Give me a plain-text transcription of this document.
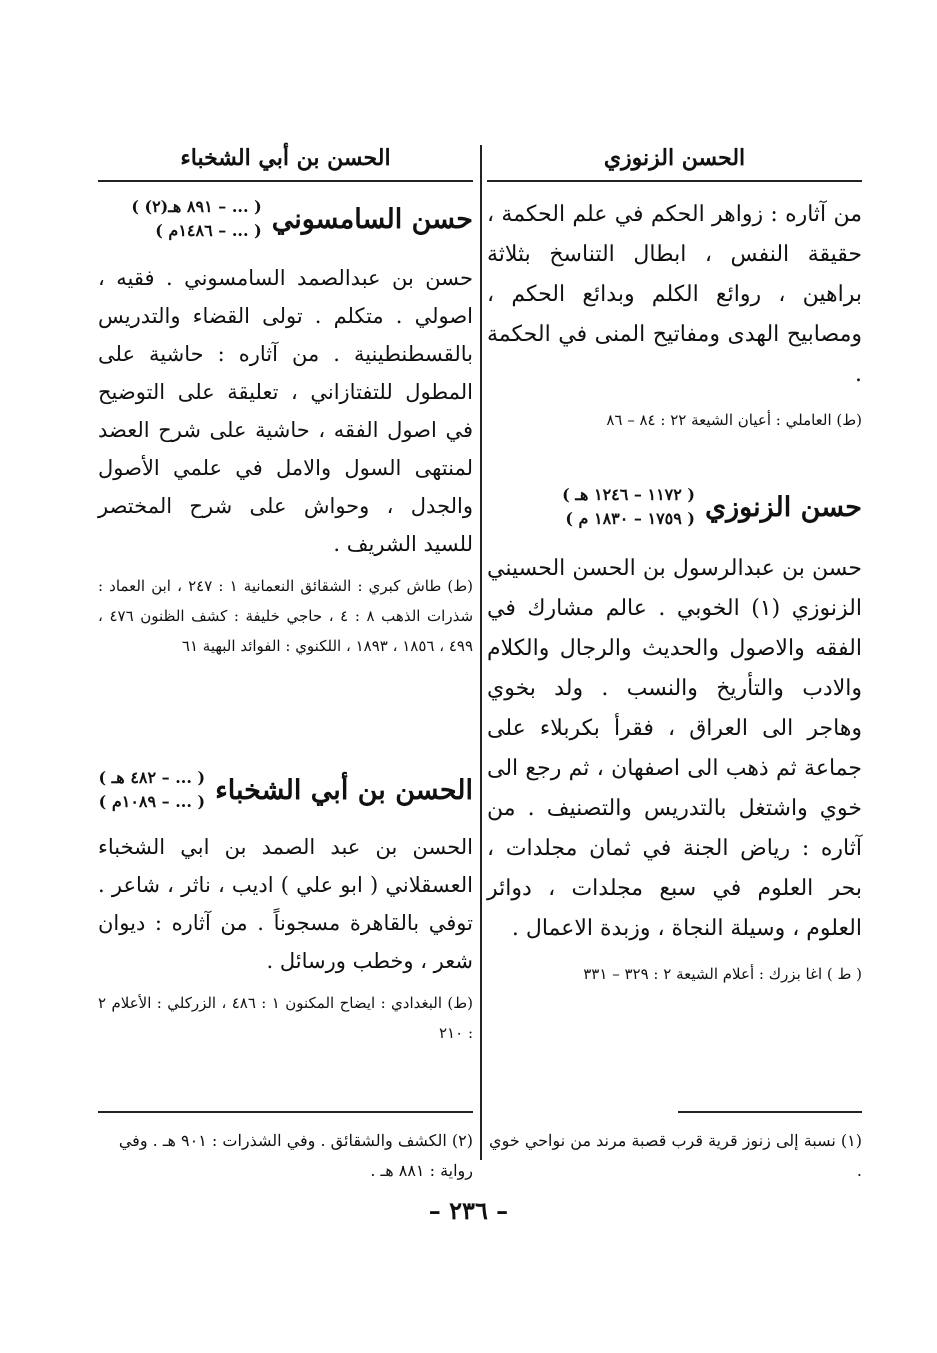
الحسن الزنوزي

من آثاره : زواهر الحكم في علم الحكمة ، حقيقة النفس ، ابطال التناسخ بثلاثة براهين ، روائع الكلم وبدائع الحكم ، ومصابيح الهدى ومفاتيح المنى في الحكمة .

(ط) العاملي : أعيان الشيعة ٢٢ : ٨٤ – ٨٦

حسن الزنوزي
( ١١٧٢ – ١٢٤٦ هـ )
( ١٧٥٩ – ١٨٣٠ م )

حسن بن عبدالرسول بن الحسن الحسيني الزنوزي (١) الخوبي . عالم مشارك في الفقه والاصول والحديث والرجال والكلام والادب والتأريخ والنسب . ولد بخوي وهاجر الى العراق ، فقرأ بكربلاء على جماعة ثم ذهب الى اصفهان ، ثم رجع الى خوي واشتغل بالتدريس والتصنيف . من آثاره : رياض الجنة في ثمان مجلدات ، بحر العلوم في سبع مجلدات ، دوائر العلوم ، وسيلة النجاة ، وزبدة الاعمال .

( ط ) اغا بزرك : أعلام الشيعة ٢ : ٣٢٩ – ٣٣١

الحسن بن أبي الشخباء
حسن السامسوني
( ... – ٨٩١ هـ(٢) )
( ... – ١٤٨٦م )

حسن بن عبدالصمد السامسوني . فقيه ، اصولي . متكلم . تولى القضاء والتدريس بالقسطنطينية . من آثاره : حاشية على المطول للتفتازاني ، تعليقة على التوضيح في اصول الفقه ، حاشية على شرح العضد لمنتهى السول والامل في علمي الأصول والجدل ، وحواش على شرح المختصر للسيد الشريف .

(ط) طاش كبري : الشقائق النعمانية ١ : ٢٤٧ ، ابن العماد : شذرات الذهب ٨ : ٤ ، حاجي خليفة : كشف الظنون ٤٧٦ ، ٤٩٩ ، ١٨٥٦ ، ١٨٩٣ ، اللكنوي : الفوائد البهية ٦١

الحسن بن أبي الشخباء
( ... – ٤٨٢ هـ )
( ... – ١٠٨٩م )

الحسن بن عبد الصمد بن ابي الشخباء العسقلاني ( ابو علي ) اديب ، ناثر ، شاعر . توفي بالقاهرة مسجوناً . من آثاره : ديوان شعر ، وخطب ورسائل .

(ط) البغدادي : ايضاح المكنون ١ : ٤٨٦ ، الزركلي : الأعلام ٢ : ٢١٠

(١) نسبة إلى زنوز قرية قرب قصبة مرند من نواحي خوي .
(٢) الكشف والشقائق . وفي الشذرات : ٩٠١ هـ . وفي رواية : ٨٨١ هـ .
– ٢٣٦ –
